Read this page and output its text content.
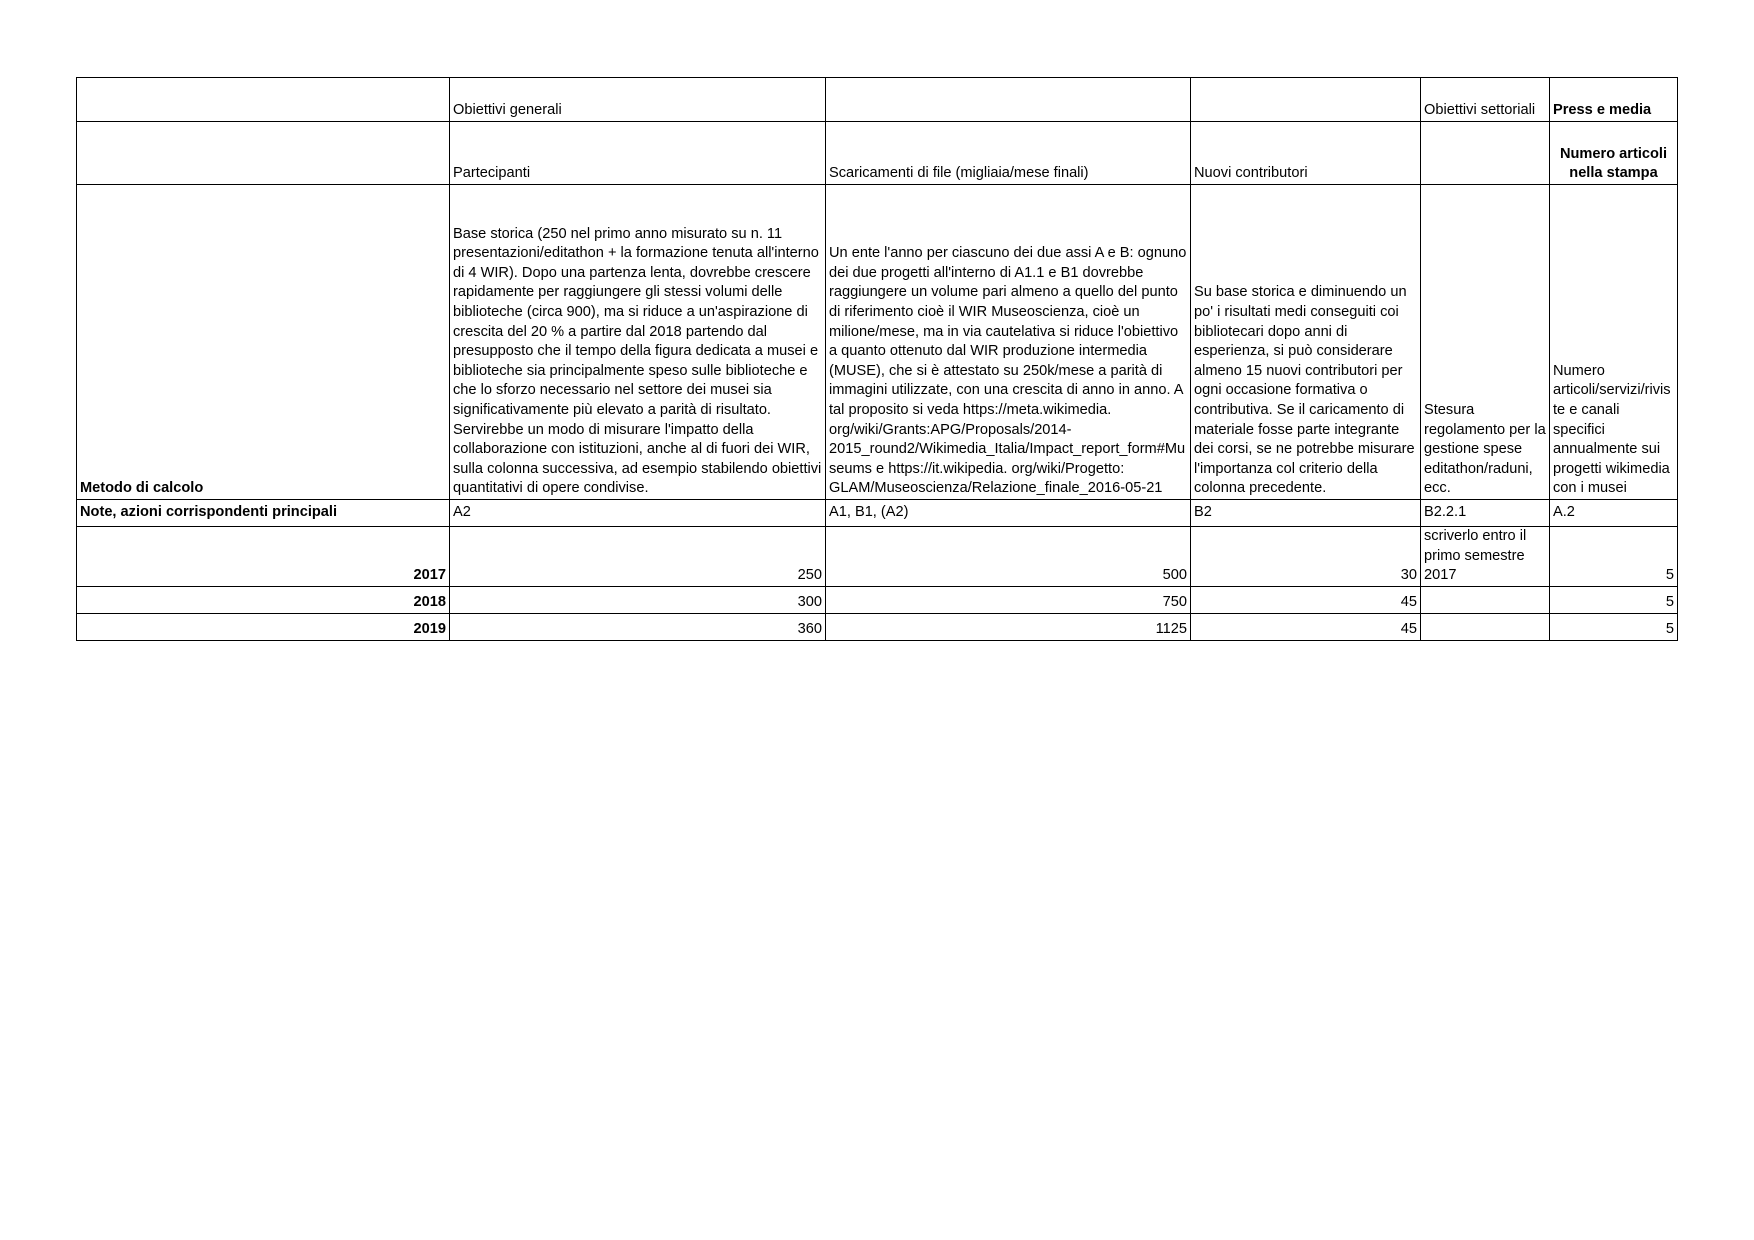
	Obiettivi generali			Obiettivi settoriali	Press e media
	Partecipanti	Scaricamenti di file (migliaia/mese finali)	Nuovi contributori		Numero articoli nella stampa
Metodo di calcolo	Base storica (250 nel primo anno misurato su n. 11 presentazioni/editathon + la formazione tenuta all'interno di 4 WIR). Dopo una partenza lenta, dovrebbe crescere rapidamente per raggiungere gli stessi volumi delle biblioteche (circa 900), ma si riduce a un'aspirazione di crescita del 20 % a partire dal 2018 partendo dal presupposto che il tempo della figura dedicata a musei e biblioteche sia principalmente speso sulle biblioteche e che lo sforzo necessario nel settore dei musei sia significativamente più elevato a parità di risultato. Servirebbe un modo di misurare l'impatto della collaborazione con istituzioni, anche al di fuori dei WIR, sulla colonna successiva, ad esempio stabilendo obiettivi quantitativi di opere condivise.	Un ente l'anno per ciascuno dei due assi A e B: ognuno dei due progetti all'interno di A1.1 e B1 dovrebbe raggiungere un volume pari almeno a quello del punto di riferimento cioè il WIR Museoscienza, cioè un milione/mese, ma in via cautelativa si riduce l'obiettivo a quanto ottenuto dal WIR produzione intermedia (MUSE), che si è attestato su 250k/mese a parità di immagini utilizzate, con una crescita di anno in anno. A tal proposito si veda https://meta.wikimedia. org/wiki/Grants:APG/Proposals/2014-2015_round2/Wikimedia_Italia/Impact_report_form#Museums e https://it.wikipedia. org/wiki/Progetto: GLAM/Museoscienza/Relazione_finale_2016-05-21	Su base storica e diminuendo un po' i risultati medi conseguiti coi bibliotecari dopo anni di esperienza, si può considerare almeno 15 nuovi contributori per ogni occasione formativa o contributiva. Se il caricamento di materiale fosse parte integrante dei corsi, se ne potrebbe misurare l'importanza col criterio della colonna precedente.	Stesura regolamento per la gestione spese editathon/raduni, ecc.	Numero articoli/servizi/riviste e canali specifici annualmente sui progetti wikimedia con i musei
Note, azioni corrispondenti principali	A2	A1, B1, (A2)	B2	B2.2.1	A.2
2017	250	500	30	scriverlo entro il primo semestre 2017	5
2018	300	750	45		5
2019	360	1125	45		5
